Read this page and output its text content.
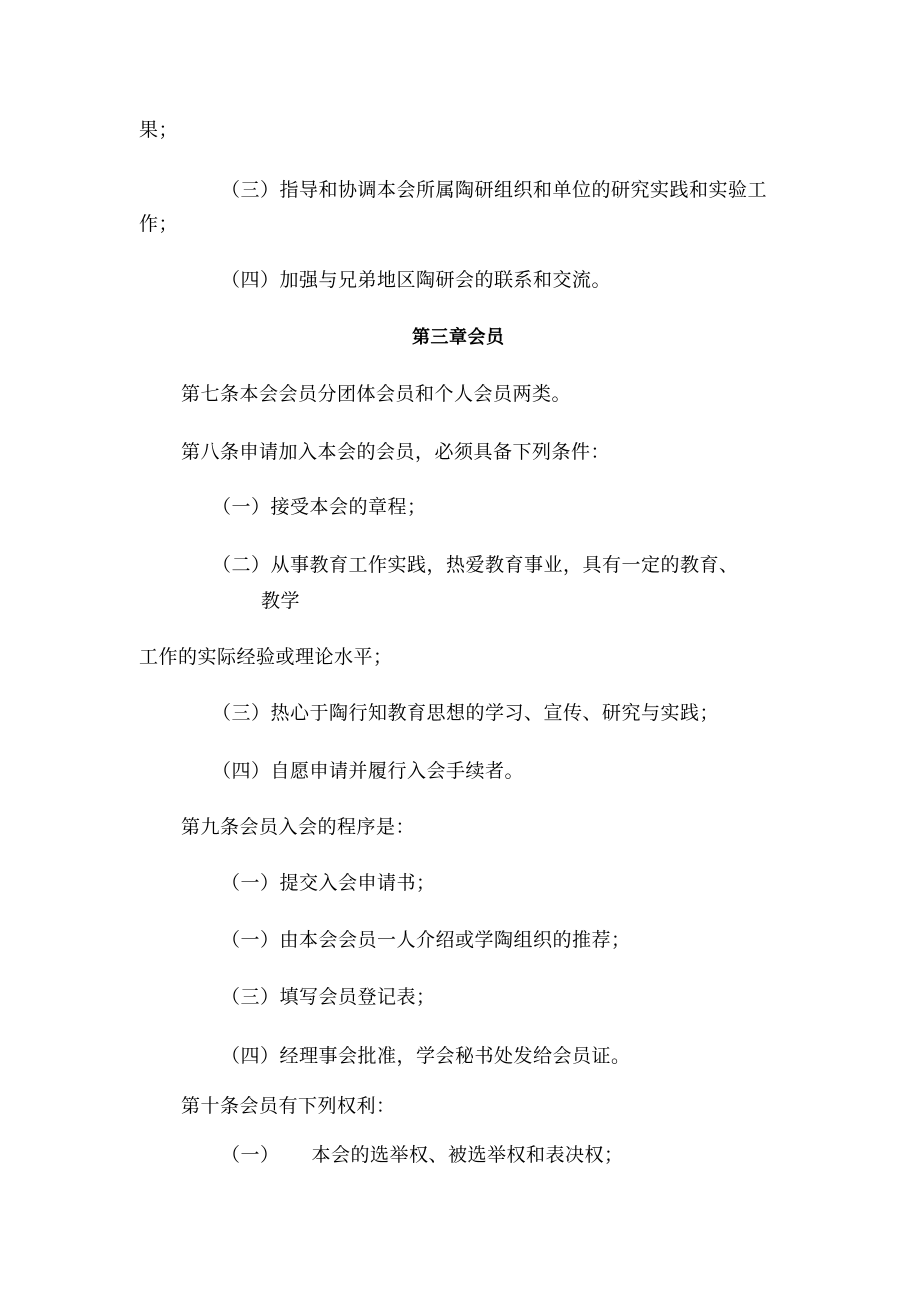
果；
（三）指导和协调本会所属陶研组织和单位的研究实践和实验工
作；
（四）加强与兄弟地区陶研会的联系和交流。
第三章会员
第七条本会会员分团体会员和个人会员两类。
第八条申请加入本会的会员，必须具备下列条件：
（一）接受本会的章程；
（二）从事教育工作实践，热爱教育事业，具有一定的教育、
教学
工作的实际经验或理论水平；
（三）热心于陶行知教育思想的学习、宣传、研究与实践；
（四）自愿申请并履行入会手续者。
第九条会员入会的程序是：
（一）提交入会申请书；
（一）由本会会员一人介绍或学陶组织的推荐；
（三）填写会员登记表；
（四）经理事会批准，学会秘书处发给会员证。
第十条会员有下列权利：
（一） 本会的选举权、被选举权和表决权；
